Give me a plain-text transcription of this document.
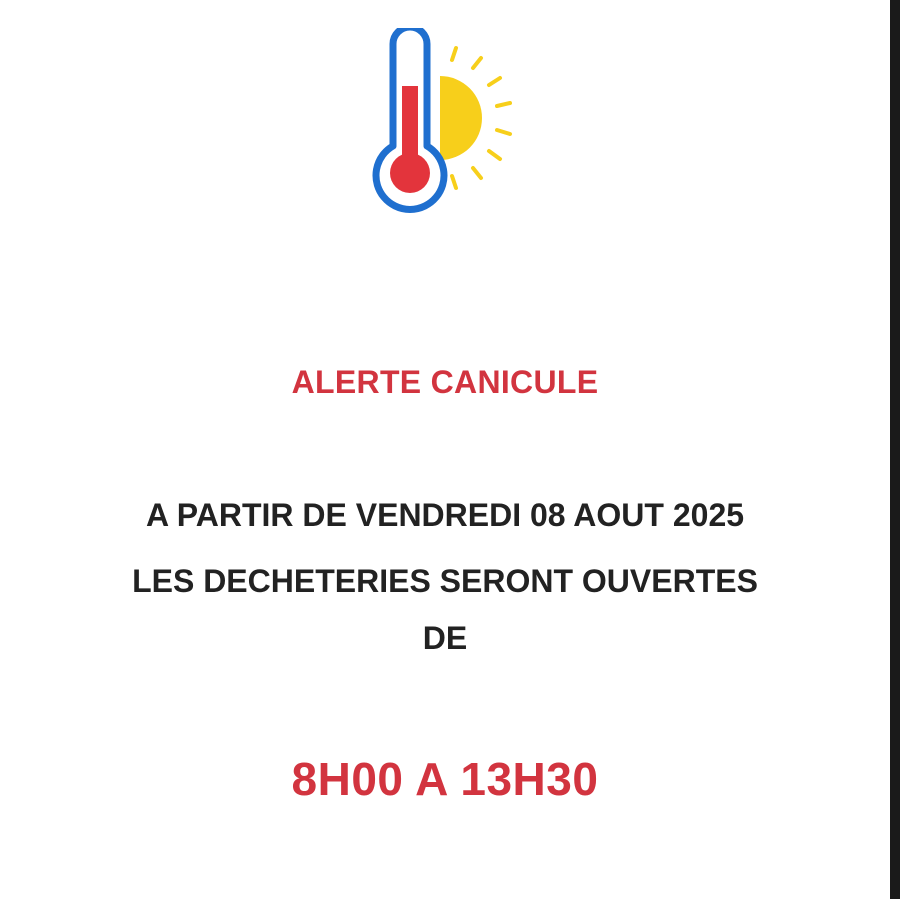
ALERTE CANICULE
A PARTIR DE VENDREDI 08 AOUT 2025
LES DECHETERIES SERONT OUVERTES
DE
8H00 A 13H30
